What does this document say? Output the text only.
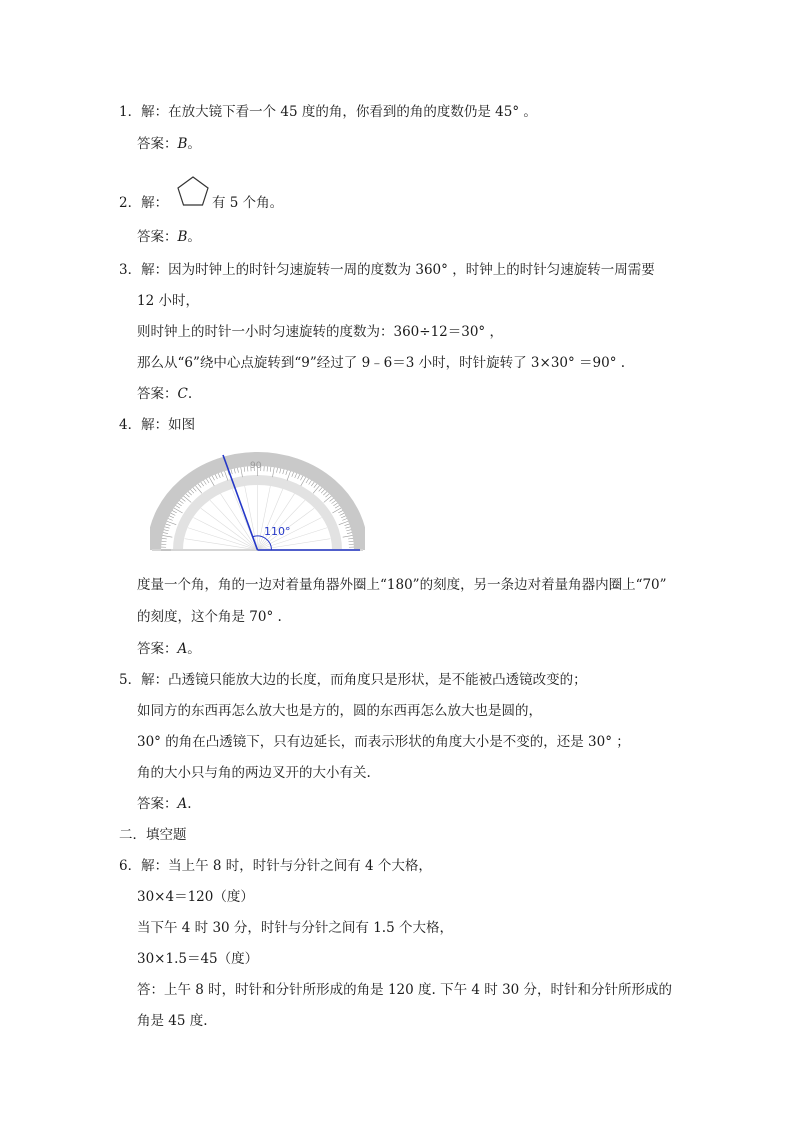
1．解：在放大镜下看一个 45 度的角，你看到的角的度数仍是 45° 。
答案：B。
2．解：	有 5 个角。
答案：B。
3．解：因为时钟上的时针匀速旋转一周的度数为 360° ，时钟上的时针匀速旋转一周需要
12 小时，
则时钟上的时针一小时匀速旋转的度数为：360÷12＝30° ，
那么从“6”绕中心点旋转到“9”经过了 9﹣6＝3 小时，时针旋转了 3×30° ＝90° .
答案：C.
4．解：如图
90
110°
度量一个角，角的一边对着量角器外圈上“180”的刻度，另一条边对着量角器内圈上“70”
的刻度，这个角是 70° .
答案：A。
5．解：凸透镜只能放大边的长度，而角度只是形状，是不能被凸透镜改变的；
如同方的东西再怎么放大也是方的，圆的东西再怎么放大也是圆的，
30° 的角在凸透镜下，只有边延长，而表示形状的角度大小是不变的，还是 30° ；
角的大小只与角的两边叉开的大小有关.
答案：A.
二．填空题
6．解：当上午 8 时，时针与分针之间有 4 个大格，
30×4＝120（度）
当下午 4 时 30 分，时针与分针之间有 1.5 个大格，
30×1.5＝45（度）
答：上午 8 时，时针和分针所形成的角是 120 度. 下午 4 时 30 分，时针和分针所形成的
角是 45 度.
